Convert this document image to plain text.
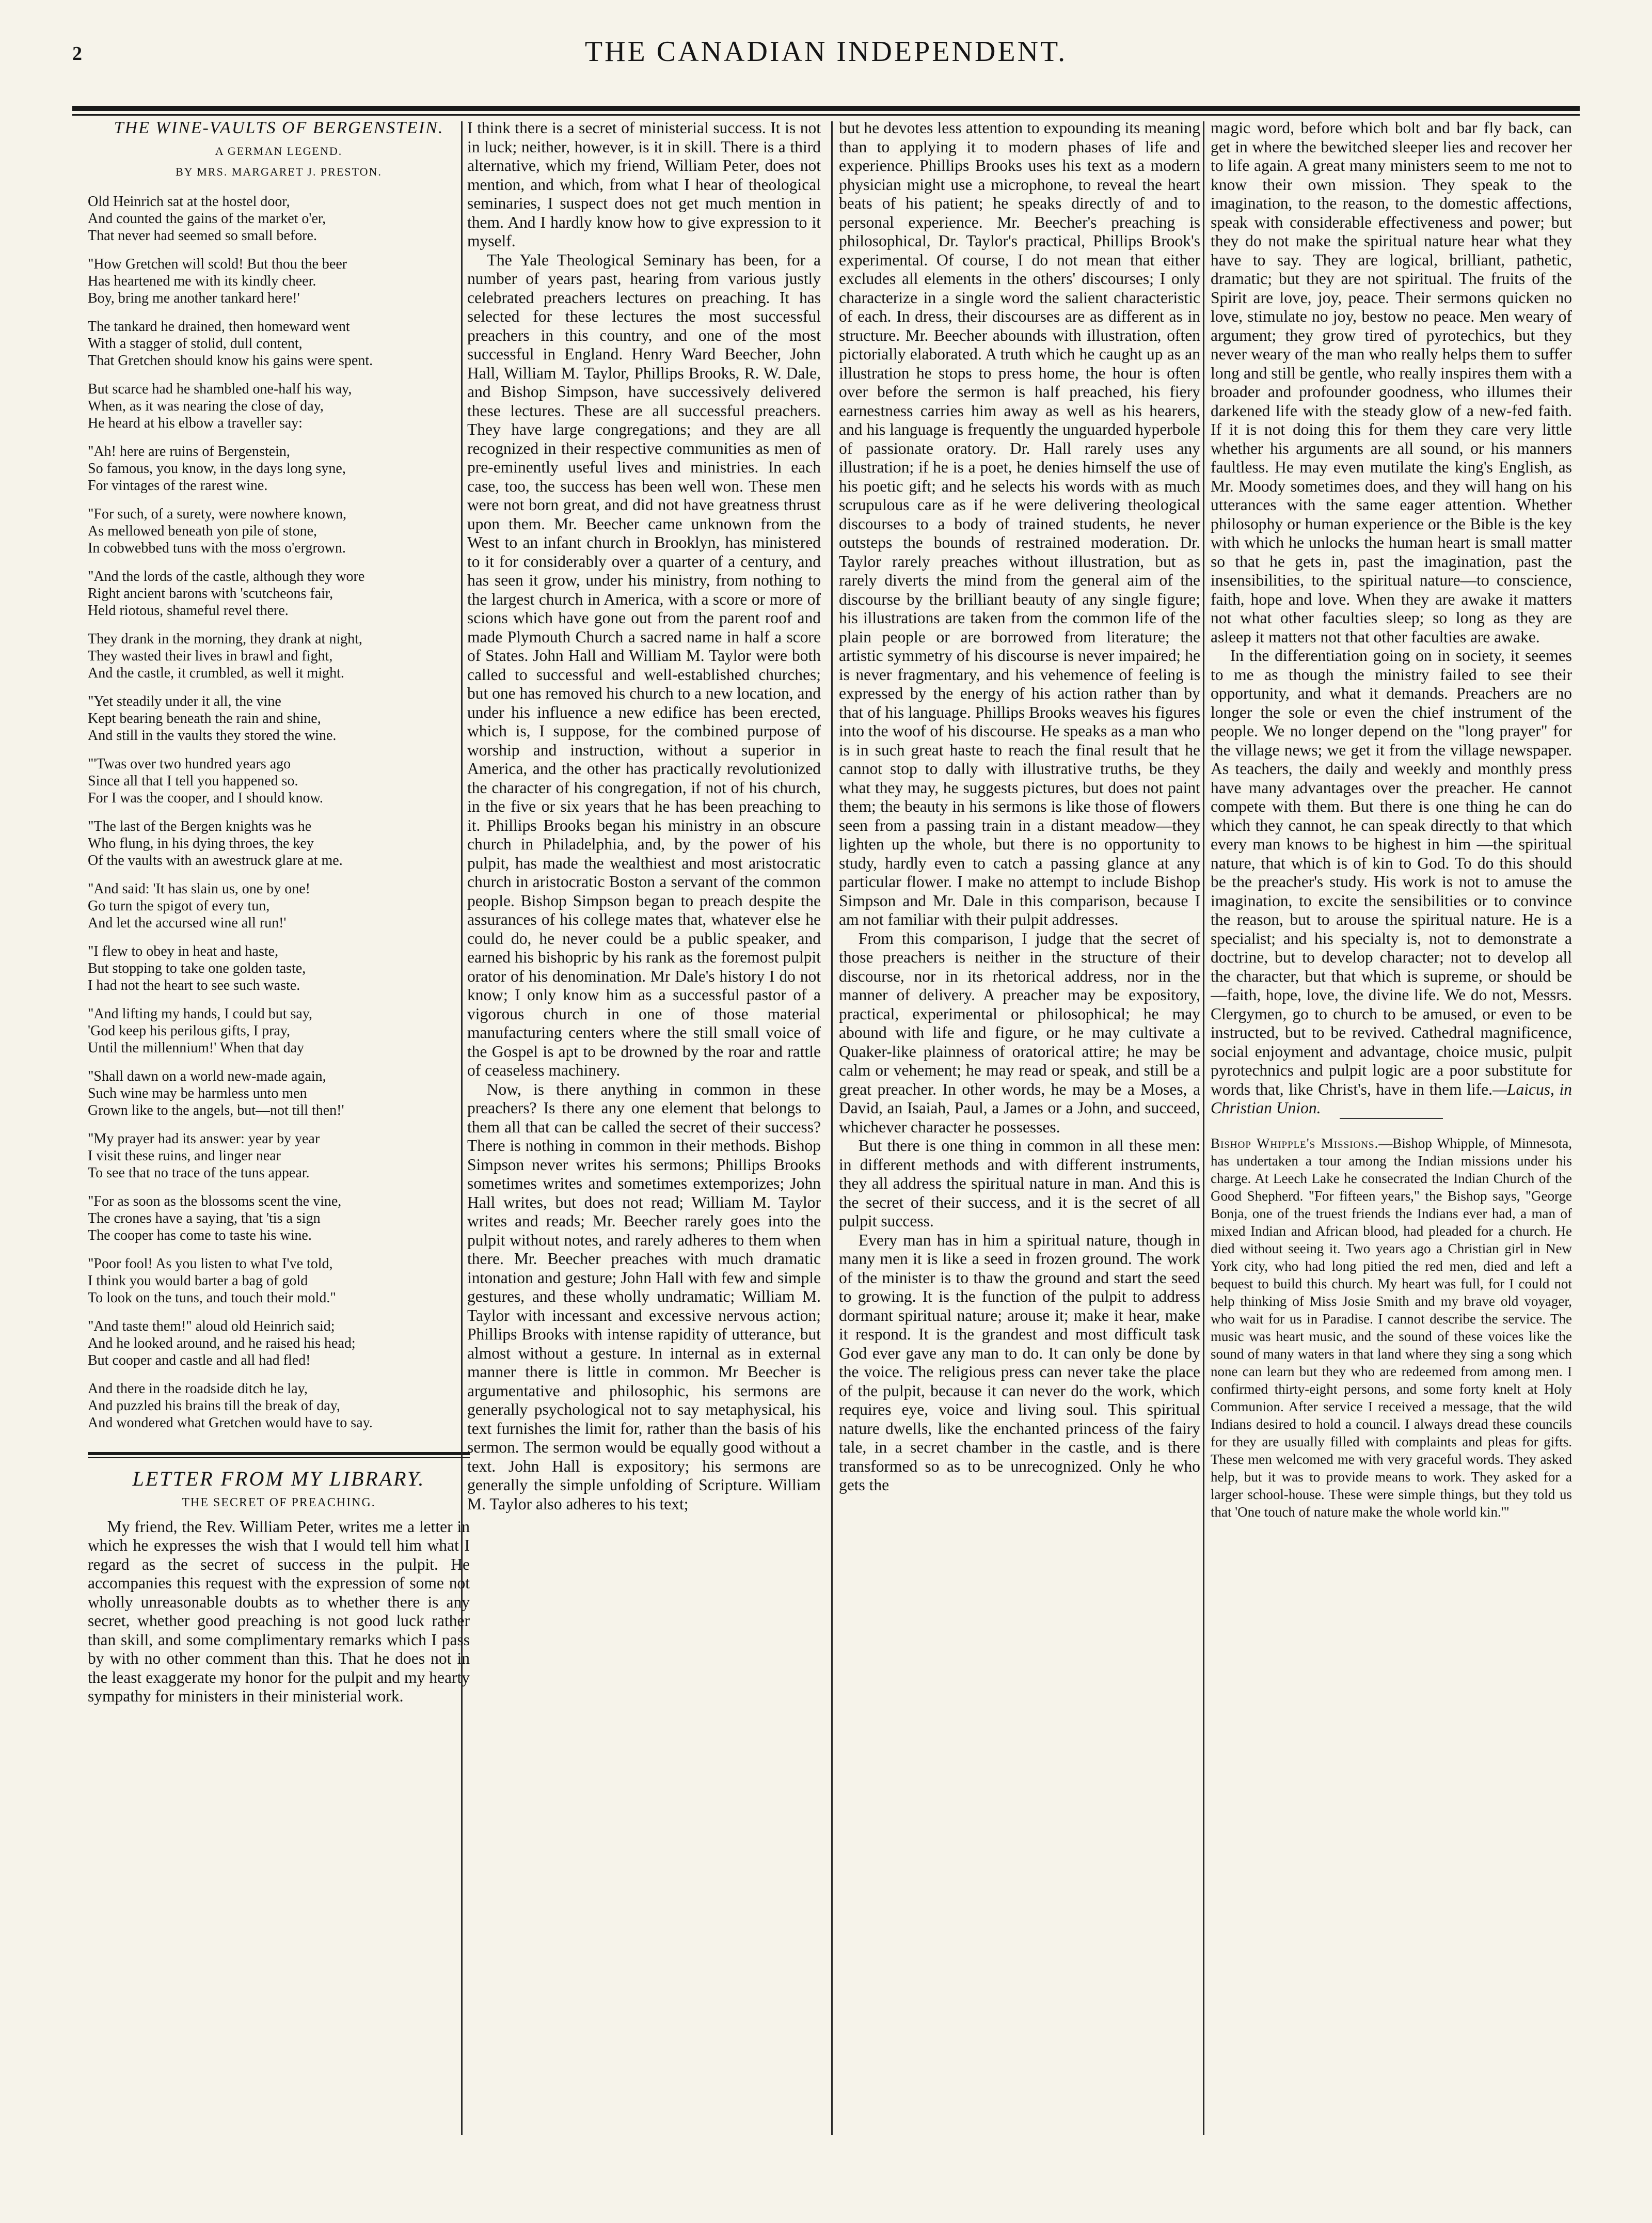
2	THE CANADIAN INDEPENDENT.
THE WINE-VAULTS OF BERGENSTEIN.
A GERMAN LEGEND.
BY MRS. MARGARET J. PRESTON.

Old Heinrich sat at the hostel door,
And counted the gains of the market o'er,
That never had seemed so small before.

"How Gretchen will scold! But thou the beer
Has heartened me with its kindly cheer.
Boy, bring me another tankard here!'

The tankard he drained, then homeward went
With a stagger of stolid, dull content,
That Gretchen should know his gains were spent.

But scarce had he shambled one-half his way,
When, as it was nearing the close of day,
He heard at his elbow a traveller say:

"Ah! here are ruins of Bergenstein,
So famous, you know, in the days long syne,
For vintages of the rarest wine.

"For such, of a surety, were nowhere known,
As mellowed beneath yon pile of stone,
In cobwebbed tuns with the moss o'ergrown.

"And the lords of the castle, although they wore
Right ancient barons with 'scutcheons fair,
Held riotous, shameful revel there.

They drank in the morning, they drank at night,
They wasted their lives in brawl and fight,
And the castle, it crumbled, as well it might.

"Yet steadily under it all, the vine
Kept bearing beneath the rain and shine,
And still in the vaults they stored the wine.

"'Twas over two hundred years ago
Since all that I tell you happened so.
For I was the cooper, and I should know.

"The last of the Bergen knights was he
Who flung, in his dying throes, the key
Of the vaults with an awestruck glare at me.

"And said: 'It has slain us, one by one!
Go turn the spigot of every tun,
And let the accursed wine all run!'

"I flew to obey in heat and haste,
But stopping to take one golden taste,
I had not the heart to see such waste.

"And lifting my hands, I could but say,
'God keep his perilous gifts, I pray,
Until the millennium!' When that day

"Shall dawn on a world new-made again,
Such wine may be harmless unto men
Grown like to the angels, but—not till then!'

"My prayer had its answer: year by year
I visit these ruins, and linger near
To see that no trace of the tuns appear.

"For as soon as the blossoms scent the vine,
The crones have a saying, that 'tis a sign
The cooper has come to taste his wine.

"Poor fool! As you listen to what I've told,
I think you would barter a bag of gold
To look on the tuns, and touch their mold."

"And taste them!" aloud old Heinrich said;
And he looked around, and he raised his head;
But cooper and castle and all had fled!

And there in the roadside ditch he lay,
And puzzled his brains till the break of day,
And wondered what Gretchen would have to say.

LETTER FROM MY LIBRARY.
THE SECRET OF PREACHING.

My friend, the Rev. William Peter, writes me a letter in which he expresses the wish that I would tell him what I regard as the secret of success in the pulpit. He accompanies this request with the expression of some not wholly unreasonable doubts as to whether there is any secret, whether good preaching is not good luck rather than skill, and some complimentary remarks which I pass by with no other comment than this. That he does not in the least exaggerate my honor for the pulpit and my hearty sympathy for ministers in their ministerial work.

I think there is a secret of ministerial success. It is not in luck; neither, however, is it in skill. There is a third alternative, which my friend, William Peter, does not mention, and which, from what I hear of theological seminaries, I suspect does not get much mention in them. And I hardly know how to give expression to it myself.

The Yale Theological Seminary has been, for a number of years past, hearing from various justly celebrated preachers lectures on preaching. It has selected for these lectures the most successful preachers in this country, and one of the most successful in England. Henry Ward Beecher, John Hall, William M. Taylor, Phillips Brooks, R. W. Dale, and Bishop Simpson, have successively delivered these lectures. These are all successful preachers. They have large congregations; and they are all recognized in their respective communities as men of pre-eminently useful lives and ministries. In each case, too, the success has been well won. These men were not born great, and did not have greatness thrust upon them. Mr. Beecher came unknown from the West to an infant church in Brooklyn, has ministered to it for considerably over a quarter of a century, and has seen it grow, under his ministry, from nothing to the largest church in America, with a score or more of scions which have gone out from the parent roof and made Plymouth Church a sacred name in half a score of States. John Hall and William M. Taylor were both called to successful and well-established churches; but one has removed his church to a new location, and under his influence a new edifice has been erected, which is, I suppose, for the combined purpose of worship and instruction, without a superior in America, and the other has practically revolutionized the character of his congregation, if not of his church, in the five or six years that he has been preaching to it. Phillips Brooks began his ministry in an obscure church in Philadelphia, and, by the power of his pulpit, has made the wealthiest and most aristocratic church in aristocratic Boston a servant of the common people. Bishop Simpson began to preach despite the assurances of his college mates that, whatever else he could do, he never could be a public speaker, and earned his bishopric by his rank as the foremost pulpit orator of his denomination. Mr Dale's history I do not know; I only know him as a successful pastor of a vigorous church in one of those material manufacturing centers where the still small voice of the Gospel is apt to be drowned by the roar and rattle of ceaseless machinery.

Now, is there anything in common in these preachers? Is there any one element that belongs to them all that can be called the secret of their success? There is nothing in common in their methods. Bishop Simpson never writes his sermons; Phillips Brooks sometimes writes and sometimes extemporizes; John Hall writes, but does not read; William M. Taylor writes and reads; Mr. Beecher rarely goes into the pulpit without notes, and rarely adheres to them when there. Mr. Beecher preaches with much dramatic intonation and gesture; John Hall with few and simple gestures, and these wholly undramatic; William M. Taylor with incessant and excessive nervous action; Phillips Brooks with intense rapidity of utterance, but almost without a gesture. In internal as in external manner there is little in common. Mr Beecher is argumentative and philosophic, his sermons are generally psychological not to say metaphysical, his text furnishes the limit for, rather than the basis of his sermon. The sermon would be equally good without a text. John Hall is expository; his sermons are generally the simple unfolding of Scripture. William M. Taylor also adheres to his text;

but he devotes less attention to expounding its meaning than to applying it to modern phases of life and experience. Phillips Brooks uses his text as a modern physician might use a microphone, to reveal the heart beats of his patient; he speaks directly of and to personal experience. Mr. Beecher's preaching is philosophical, Dr. Taylor's practical, Phillips Brook's experimental. Of course, I do not mean that either excludes all elements in the others' discourses; I only characterize in a single word the salient characteristic of each. In dress, their discourses are as different as in structure. Mr. Beecher abounds with illustration, often pictorially elaborated. A truth which he caught up as an illustration he stops to press home, the hour is often over before the sermon is half preached, his fiery earnestness carries him away as well as his hearers, and his language is frequently the unguarded hyperbole of passionate oratory. Dr. Hall rarely uses any illustration; if he is a poet, he denies himself the use of his poetic gift; and he selects his words with as much scrupulous care as if he were delivering theological discourses to a body of trained students, he never outsteps the bounds of restrained moderation. Dr. Taylor rarely preaches without illustration, but as rarely diverts the mind from the general aim of the discourse by the brilliant beauty of any single figure; his illustrations are taken from the common life of the plain people or are borrowed from literature; the artistic symmetry of his discourse is never impaired; he is never fragmentary, and his vehemence of feeling is expressed by the energy of his action rather than by that of his language. Phillips Brooks weaves his figures into the woof of his discourse. He speaks as a man who is in such great haste to reach the final result that he cannot stop to dally with illustrative truths, be they what they may, he suggests pictures, but does not paint them; the beauty in his sermons is like those of flowers seen from a passing train in a distant meadow—they lighten up the whole, but there is no opportunity to study, hardly even to catch a passing glance at any particular flower. I make no attempt to include Bishop Simpson and Mr. Dale in this comparison, because I am not familiar with their pulpit addresses.

From this comparison, I judge that the secret of those preachers is neither in the structure of their discourse, nor in its rhetorical address, nor in the manner of delivery. A preacher may be expository, practical, experimental or philosophical; he may abound with life and figure, or he may cultivate a Quaker-like plainness of oratorical attire; he may be calm or vehement; he may read or speak, and still be a great preacher. In other words, he may be a Moses, a David, an Isaiah, Paul, a James or a John, and succeed, whichever character he possesses.

But there is one thing in common in all these men: in different methods and with different instruments, they all address the spiritual nature in man. And this is the secret of their success, and it is the secret of all pulpit success.

Every man has in him a spiritual nature, though in many men it is like a seed in frozen ground. The work of the minister is to thaw the ground and start the seed to growing. It is the function of the pulpit to address dormant spiritual nature; arouse it; make it hear, make it respond. It is the grandest and most difficult task God ever gave any man to do. It can only be done by the voice. The religious press can never take the place of the pulpit, because it can never do the work, which requires eye, voice and living soul. This spiritual nature dwells, like the enchanted princess of the fairy tale, in a secret chamber in the castle, and is there transformed so as to be unrecognized. Only he who gets the

magic word, before which bolt and bar fly back, can get in where the bewitched sleeper lies and recover her to life again. A great many ministers seem to me not to know their own mission. They speak to the imagination, to the reason, to the domestic affections, speak with considerable effectiveness and power; but they do not make the spiritual nature hear what they have to say. They are logical, brilliant, pathetic, dramatic; but they are not spiritual. The fruits of the Spirit are love, joy, peace. Their sermons quicken no love, stimulate no joy, bestow no peace. Men weary of argument; they grow tired of pyrotechics, but they never weary of the man who really helps them to suffer long and still be gentle, who really inspires them with a broader and profounder goodness, who illumes their darkened life with the steady glow of a new-fed faith. If it is not doing this for them they care very little whether his arguments are all sound, or his manners faultless. He may even mutilate the king's English, as Mr. Moody sometimes does, and they will hang on his utterances with the same eager attention. Whether philosophy or human experience or the Bible is the key with which he unlocks the human heart is small matter so that he gets in, past the imagination, past the insensibilities, to the spiritual nature—to conscience, faith, hope and love. When they are awake it matters not what other faculties sleep; so long as they are asleep it matters not that other faculties are awake.

In the differentiation going on in society, it seemes to me as though the ministry failed to see their opportunity, and what it demands. Preachers are no longer the sole or even the chief instrument of the people. We no longer depend on the "long prayer" for the village news; we get it from the village newspaper. As teachers, the daily and weekly and monthly press have many advantages over the preacher. He cannot compete with them. But there is one thing he can do which they cannot, he can speak directly to that which every man knows to be highest in him —the spiritual nature, that which is of kin to God. To do this should be the preacher's study. His work is not to amuse the imagination, to excite the sensibilities or to convince the reason, but to arouse the spiritual nature. He is a specialist; and his specialty is, not to demonstrate a doctrine, but to develop character; not to develop all the character, but that which is supreme, or should be—faith, hope, love, the divine life. We do not, Messrs. Clergymen, go to church to be amused, or even to be instructed, but to be revived. Cathedral magnificence, social enjoyment and advantage, choice music, pulpit pyrotechnics and pulpit logic are a poor substitute for words that, like Christ's, have in them life.—Laicus, in Christian Union.

Bishop Whipple's Missions.—Bishop Whipple, of Minnesota, has undertaken a tour among the Indian missions under his charge. At Leech Lake he consecrated the Indian Church of the Good Shepherd. "For fifteen years," the Bishop says, "George Bonja, one of the truest friends the Indians ever had, a man of mixed Indian and African blood, had pleaded for a church. He died without seeing it. Two years ago a Christian girl in New York city, who had long pitied the red men, died and left a bequest to build this church. My heart was full, for I could not help thinking of Miss Josie Smith and my brave old voyager, who wait for us in Paradise. I cannot describe the service. The music was heart music, and the sound of these voices like the sound of many waters in that land where they sing a song which none can learn but they who are redeemed from among men. I confirmed thirty-eight persons, and some forty knelt at Holy Communion. After service I received a message, that the wild Indians desired to hold a council. I always dread these councils for they are usually filled with complaints and pleas for gifts. These men welcomed me with very graceful words. They asked help, but it was to provide means to work. They asked for a larger school-house. These were simple things, but they told us that 'One touch of nature make the whole world kin.'"
